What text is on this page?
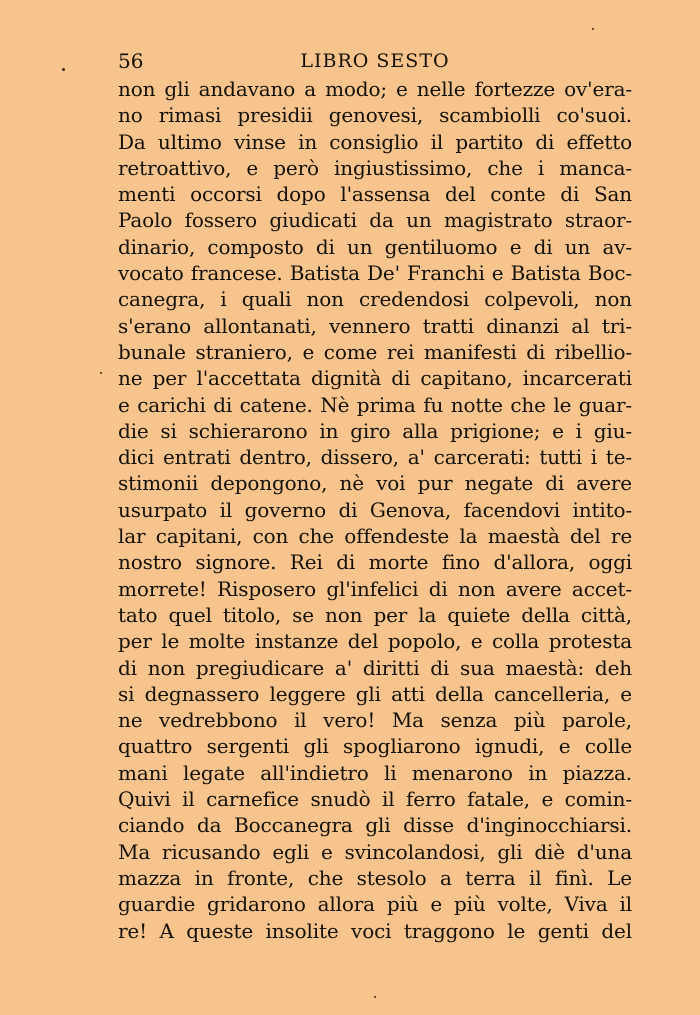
56	LIBRO SESTO
non gli andavano a modo; e nelle fortezze ov'era-
no rimasi presidii genovesi, scambiolli co'suoi.
Da ultimo vinse in consiglio il partito di effetto
retroattivo, e però ingiustissimo, che i manca-
menti occorsi dopo l'assensa del conte di San
Paolo fossero giudicati da un magistrato straor-
dinario, composto di un gentiluomo e di un av-
vocato francese. Batista De' Franchi e Batista Boc-
canegra, i quali non credendosi colpevoli, non
s'erano allontanati, vennero tratti dinanzi al tri-
bunale straniero, e come rei manifesti di ribellio-
ne per l'accettata dignità di capitano, incarcerati
e carichi di catene. Nè prima fu notte che le guar-
die si schierarono in giro alla prigione; e i giu-
dici entrati dentro, dissero, a' carcerati: tutti i te-
stimonii depongono, nè voi pur negate di avere
usurpato il governo di Genova, facendovi intito-
lar capitani, con che offendeste la maestà del re
nostro signore. Rei di morte fino d'allora, oggi
morrete! Risposero gl'infelici di non avere accet-
tato quel titolo, se non per la quiete della città,
per le molte instanze del popolo, e colla protesta
di non pregiudicare a' diritti di sua maestà: deh
si degnassero leggere gli atti della cancelleria, e
ne vedrebbono il vero! Ma senza più parole,
quattro sergenti gli spogliarono ignudi, e colle
mani legate all'indietro li menarono in piazza.
Quivi il carnefice snudò il ferro fatale, e comin-
ciando da Boccanegra gli disse d'inginocchiarsi.
Ma ricusando egli e svincolandosi, gli diè d'una
mazza in fronte, che stesolo a terra il finì. Le
guardie gridarono allora più e più volte, Viva il
re! A queste insolite voci traggono le genti del
